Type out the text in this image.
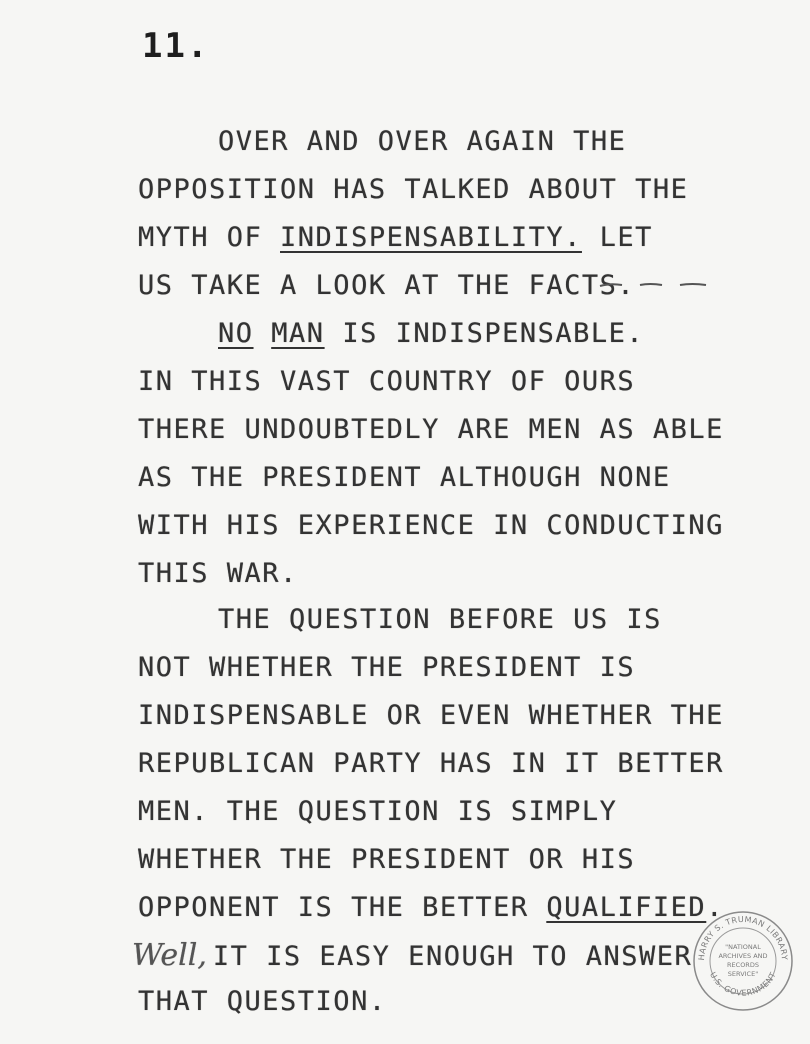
11.
OVER AND OVER AGAIN THE
OPPOSITION HAS TALKED ABOUT THE
MYTH OF INDISPENSABILITY. LET
US TAKE A LOOK AT THE FACTS.
NO MAN IS INDISPENSABLE.
IN THIS VAST COUNTRY OF OURS
THERE UNDOUBTEDLY ARE MEN AS ABLE
AS THE PRESIDENT ALTHOUGH NONE
WITH HIS EXPERIENCE IN CONDUCTING
THIS WAR.
THE QUESTION BEFORE US IS
NOT WHETHER THE PRESIDENT IS
INDISPENSABLE OR EVEN WHETHER THE
REPUBLICAN PARTY HAS IN IT BETTER
MEN. THE QUESTION IS SIMPLY
WHETHER THE PRESIDENT OR HIS
OPPONENT IS THE BETTER QUALIFIED.
Well, IT IS EASY ENOUGH TO ANSWER
THAT QUESTION.
HARRY S. TRUMAN LIBRARY
U.S. GOVERNMENT
"NATIONAL
ARCHIVES AND
RECORDS
SERVICE"
